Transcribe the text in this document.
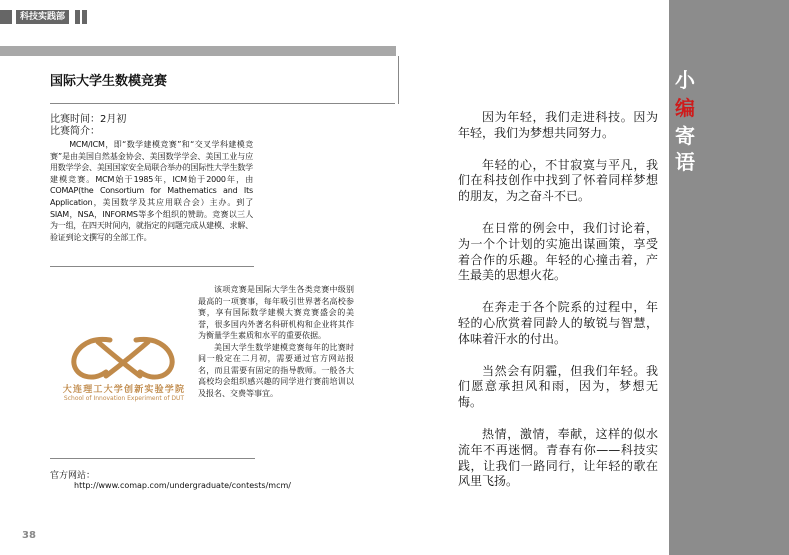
科技实践部
国际大学生数模竞赛
比赛时间：2月初
比赛简介：
MCM/ICM，即“数学建模竞赛”和“交叉学科建模竞赛”是由美国自然基金协会、美国数学学会、美国工业与应用数学学会、美国国家安全局联合举办的国际性大学生数学建模竞赛。MCM始于1985年，ICM始于2000年，由COMAP(the Consortium for Mathematics and Its Application，美国数学及其应用联合会）主办。到了SIAM，NSA，INFORMS等多个组织的赞助。竞赛以三人为一组，在四天时间内，就指定的问题完成从建模、求解、验证到论文撰写的全部工作。
大连理工大学创新实验学院
School of Innovation Experiment of DUT

该项竞赛是国际大学生各类竞赛中级别最高的一项赛事，每年吸引世界著名高校参赛，享有国际数学建模大赛竞赛盛会的美誉，很多国内外著名科研机构和企业将其作为衡量学生素质和水平的重要依据。

美国大学生数学建模竞赛每年的比赛时间一般定在二月初，需要通过官方网站报名，而且需要有固定的指导教师。一般各大高校均会组织感兴趣的同学进行赛前培训以及报名、交费等事宜。

官方网站：
http://www.comap.com/undergraduate/contests/mcm/
38

因为年轻，我们走进科技。因为年轻，我们为梦想共同努力。

年轻的心，不甘寂寞与平凡，我们在科技创作中找到了怀着同样梦想的朋友，为之奋斗不已。

在日常的例会中，我们讨论着，为一个个计划的实施出谋画策，享受着合作的乐趣。年轻的心撞击着，产生最美的思想火花。

在奔走于各个院系的过程中，年轻的心欣赏着同龄人的敏锐与智慧，体味着汗水的付出。

当然会有阴霾，但我们年轻。我们愿意承担风和雨，因为，梦想无悔。

热情，激情，奉献，这样的似水流年不再迷惘。青春有你——科技实践，让我们一路同行，让年轻的歌在风里飞扬。

小
编
寄
语
